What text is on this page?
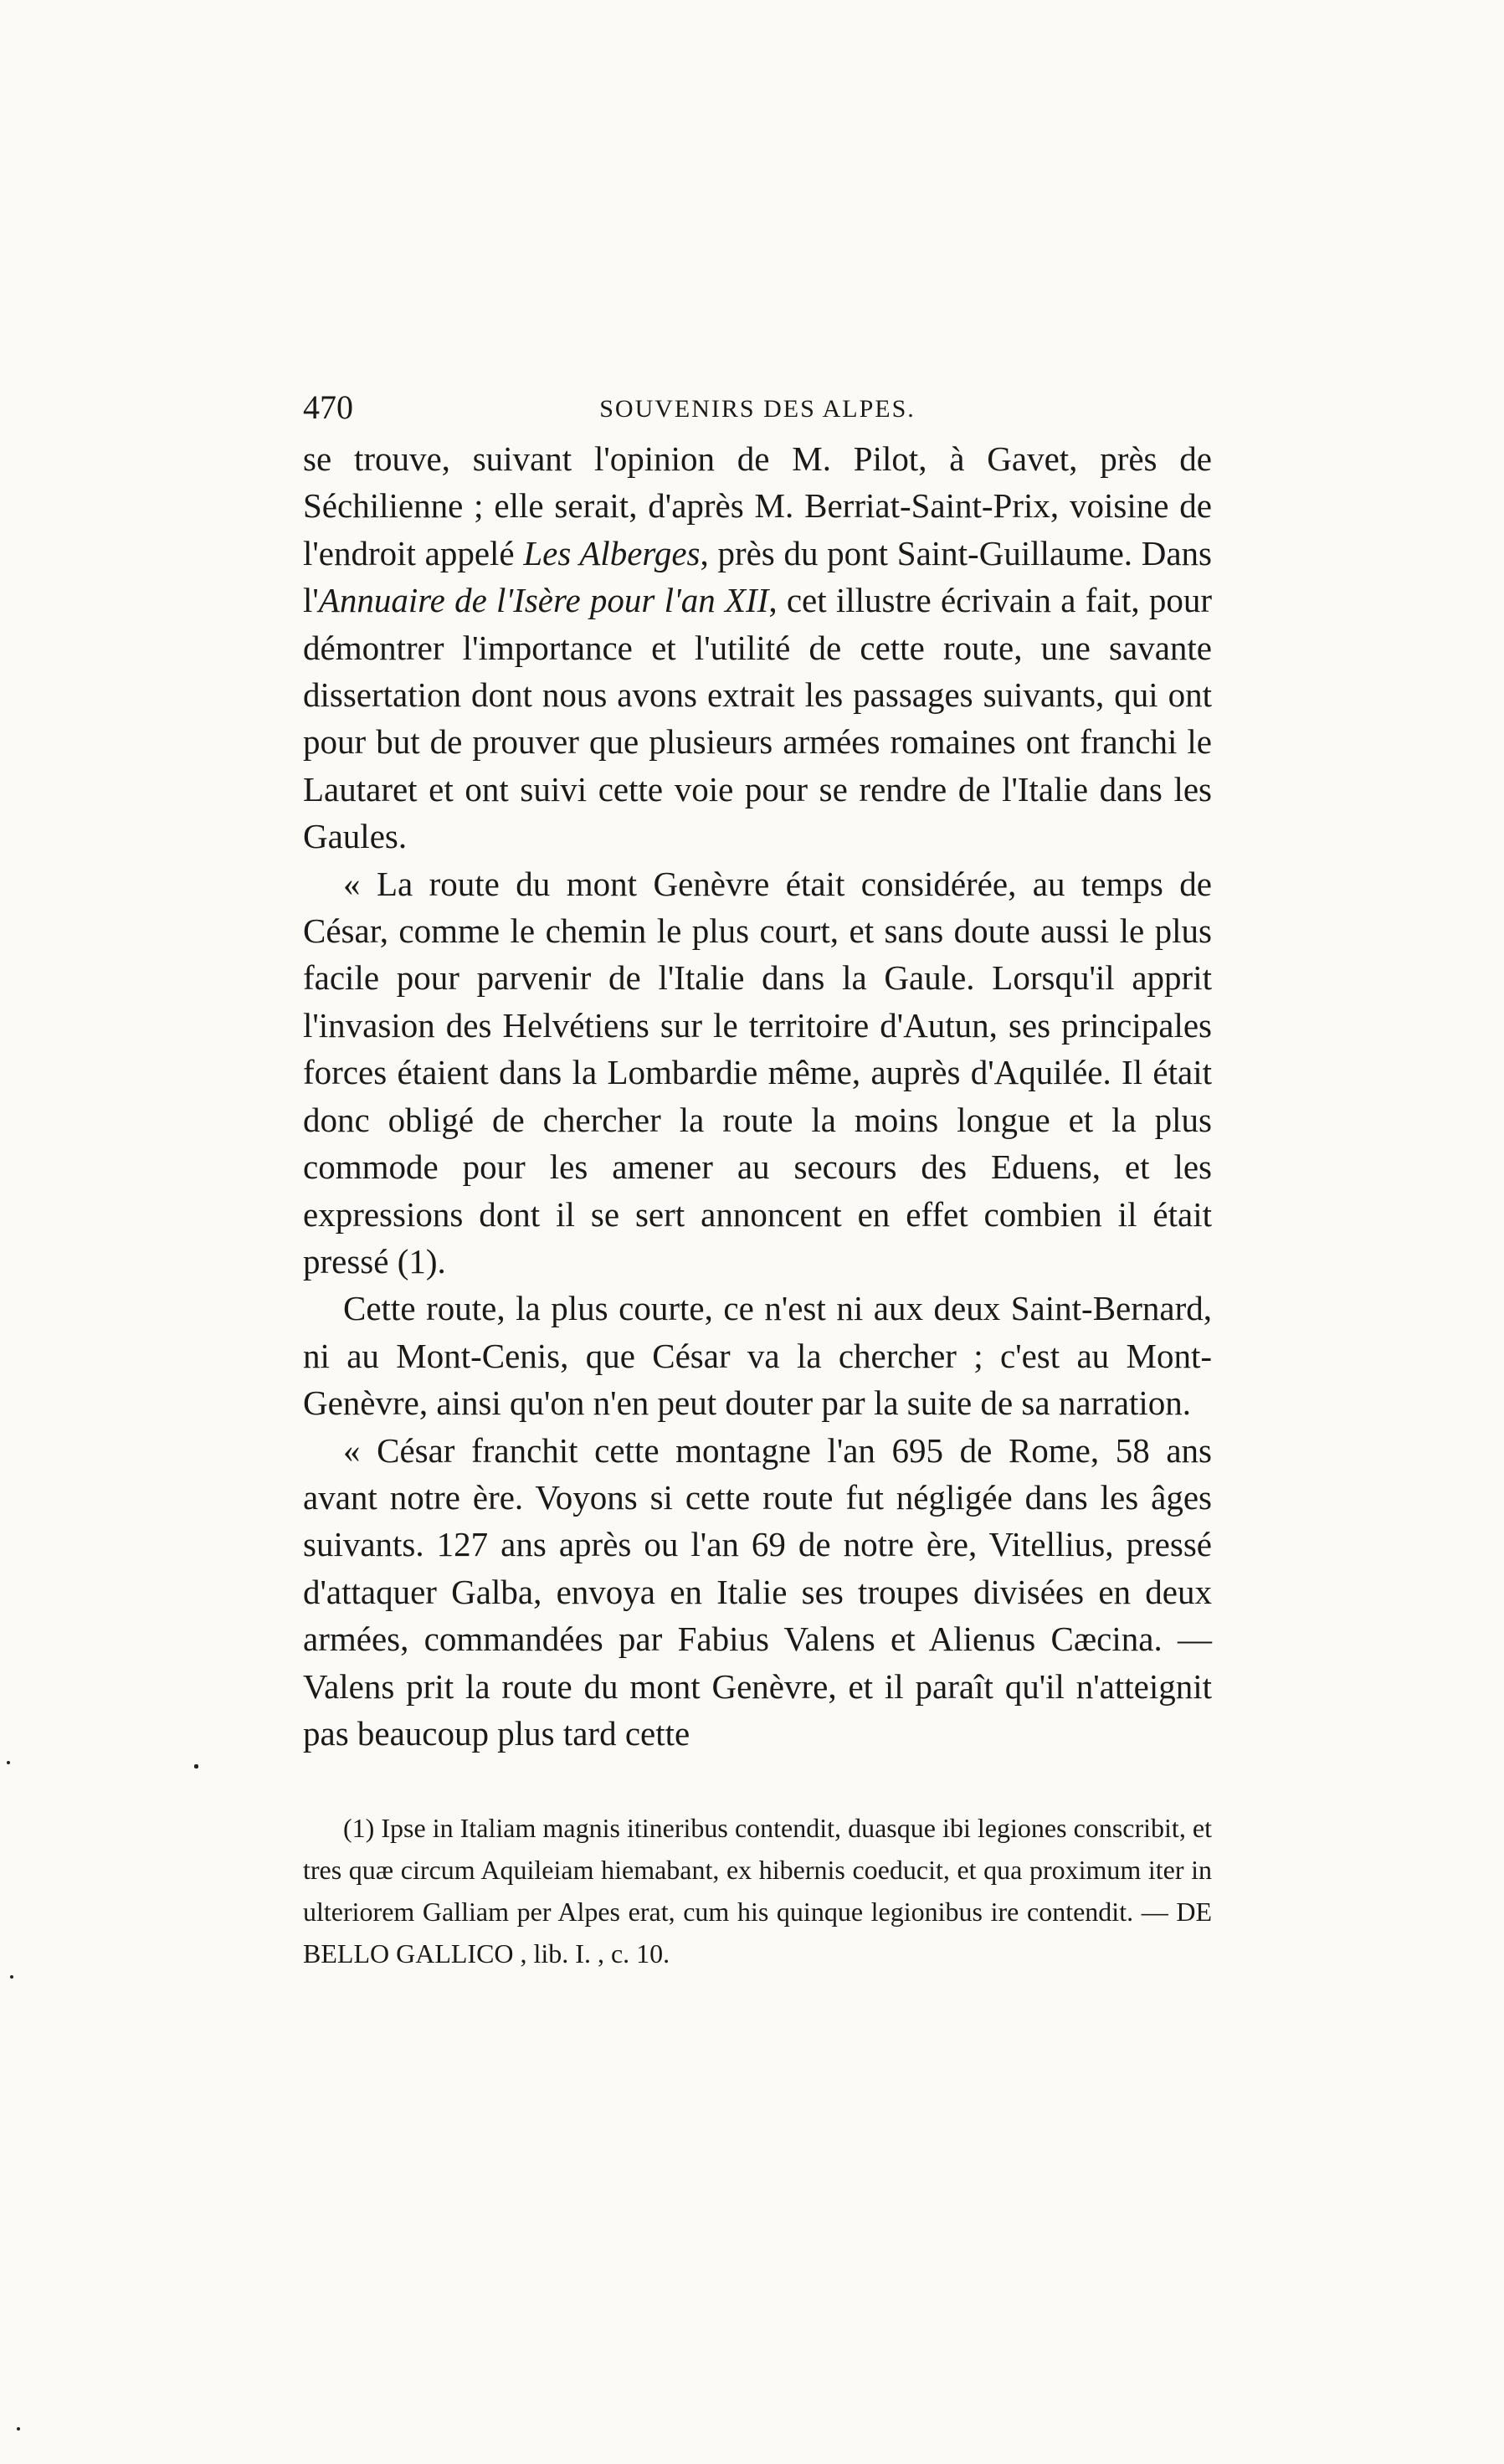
470	SOUVENIRS DES ALPES.

se trouve, suivant l'opinion de M. Pilot, à Gavet, près de Séchilienne ; elle serait, d'après M. Berriat-Saint-Prix, voisine de l'endroit appelé Les Alberges, près du pont Saint-Guillaume. Dans l'Annuaire de l'Isère pour l'an XII, cet illustre écrivain a fait, pour démontrer l'importance et l'utilité de cette route, une savante dissertation dont nous avons extrait les passages suivants, qui ont pour but de prouver que plusieurs armées romaines ont franchi le Lautaret et ont suivi cette voie pour se rendre de l'Italie dans les Gaules.

« La route du mont Genèvre était considérée, au temps de César, comme le chemin le plus court, et sans doute aussi le plus facile pour parvenir de l'Italie dans la Gaule. Lorsqu'il apprit l'invasion des Helvétiens sur le territoire d'Autun, ses principales forces étaient dans la Lombardie même, auprès d'Aquilée. Il était donc obligé de chercher la route la moins longue et la plus commode pour les amener au secours des Eduens, et les expressions dont il se sert annoncent en effet combien il était pressé (1).

Cette route, la plus courte, ce n'est ni aux deux Saint-Bernard, ni au Mont-Cenis, que César va la chercher ; c'est au Mont-Genèvre, ainsi qu'on n'en peut douter par la suite de sa narration.

« César franchit cette montagne l'an 695 de Rome, 58 ans avant notre ère. Voyons si cette route fut négligée dans les âges suivants. 127 ans après ou l'an 69 de notre ère, Vitellius, pressé d'attaquer Galba, envoya en Italie ses troupes divisées en deux armées, commandées par Fabius Valens et Alienus Cæcina. — Valens prit la route du mont Genèvre, et il paraît qu'il n'atteignit pas beaucoup plus tard cette

(1) Ipse in Italiam magnis itineribus contendit, duasque ibi legiones conscribit, et tres quæ circum Aquileiam hiemabant, ex hibernis coeducit, et qua proximum iter in ulteriorem Galliam per Alpes erat, cum his quinque legionibus ire contendit. — DE BELLO GALLICO , lib. I. , c. 10.
